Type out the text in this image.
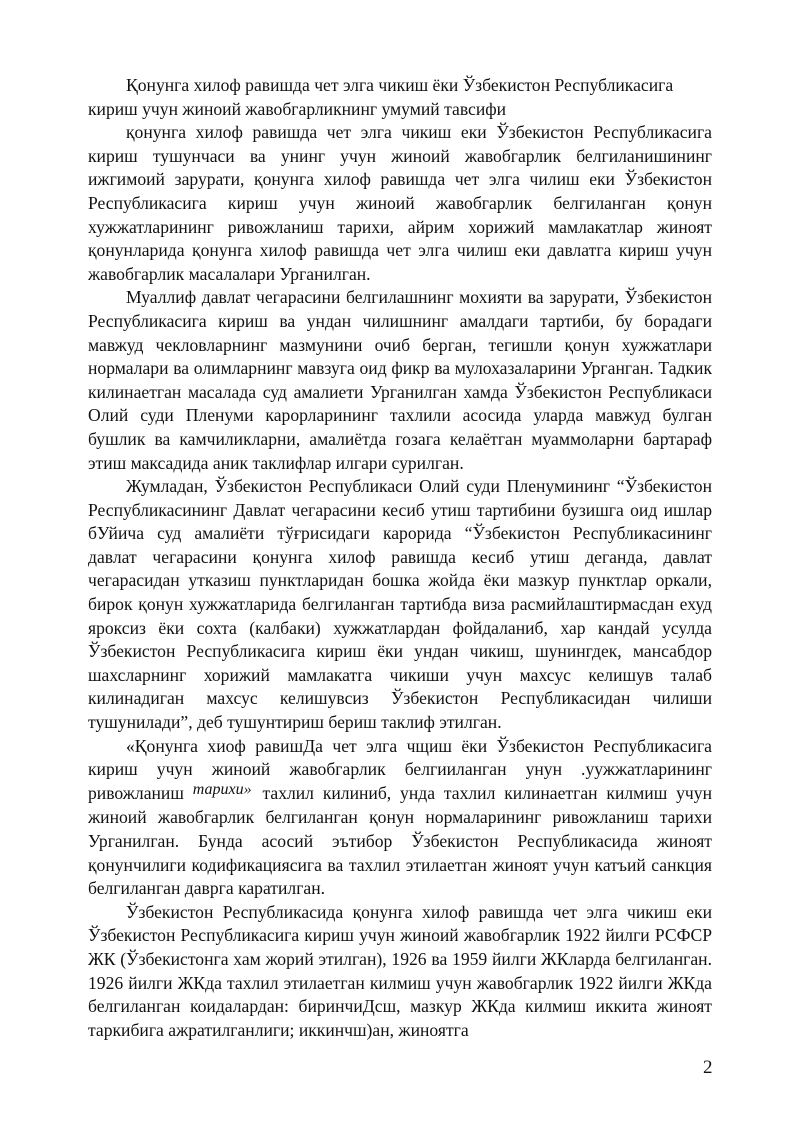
Қонунга хилоф равишда чет элга чикиш ёки Ўзбекистон Республикасига кириш учун жиноий жавобгарликнинг умумий тавсифи

қонунга хилоф равишда чет элга чикиш еки Ўзбекистон Республикасига кириш тушунчаси ва унинг учун жиноий жавобгарлик белгиланишининг ижгимоий зарурати, қонунга хилоф равишда чет элга чилиш еки Ўзбекистон Республикасига кириш учун жиноий жавобгарлик белгиланган қонун хужжатларининг ривожланиш тарихи, айрим хорижий мамлакатлар жиноят қонунларида қонунга хилоф равишда чет элга чилиш еки давлатга кириш учун жавобгарлик масалалари Урганилган.

Муаллиф давлат чегарасини белгилашнинг мохияти ва зарурати, Ўзбекистон Республикасига кириш ва ундан чилишнинг амалдаги тартиби, бу борадаги мавжуд чекловларнинг мазмунини очиб берган, тегишли қонун хужжатлари нормалари ва олимларнинг мавзуга оид фикр ва мулохазаларини Урганган. Тадкик килинаетган масалада суд амалиети Урганилган хамда Ўзбекистон Республикаси Олий суди Пленуми карорларининг тахлили асосида уларда мавжуд булган бушлик ва камчиликларни, амалиётда гозага келаётган муаммоларни бартараф этиш максадида аник таклифлар илгари сурилган.

Жумладан, Ўзбекистон Республикаси Олий суди Пленумининг “Ўзбекистон Республикасининг Давлат чегарасини кесиб утиш тартибини бузишга оид ишлар бУйича суд амалиёти тўғрисидаги карорида “Ўзбекистон Республикасининг давлат чегарасини қонунга хилоф равишда кесиб утиш деганда, давлат чегарасидан утказиш пунктларидан бошка жойда ёки мазкур пунктлар оркали, бирок қонун хужжатларида белгиланган тартибда виза расмийлаштирмасдан ехуд яроксиз ёки сохта (калбаки) хужжатлардан фойдаланиб, хар кандай усулда Ўзбекистон Республикасига кириш ёки ундан чикиш, шунингдек, мансабдор шахсларнинг хорижий мамлакатга чикиши учун махсус келишув талаб килинадиган махсус келишувсиз Ўзбекистон Республикасидан чилиши тушунилади”, деб тушунтириш бериш таклиф этилган.

«Қонунга хиоф равишДа чет элга чщиш ёки Ўзбекистон Республикасига кириш учун жиноий жавобгарлик белгииланган унун .уужжатларининг ривожланиш тарихи» тахлил килиниб, унда тахлил килинаетган килмиш учун жиноий жавобгарлик белгиланган қонун нормаларининг ривожланиш тарихи Урганилган. Бунда асосий эътибор Ўзбекистон Республикасида жиноят қонунчилиги кодификациясига ва тахлил этилаетган жиноят учун катъий санкция белгиланган даврга каратилган.

Ўзбекистон Республикасида қонунга хилоф равишда чет элга чикиш еки Ўзбекистон Республикасига кириш учун жиноий жавобгарлик 1922 йилги РСФСР ЖК (Ўзбекистонга хам жорий этилган), 1926 ва 1959 йилги ЖКларда белгиланган. 1926 йилги ЖКда тахлил этилаетган килмиш учун жавобгарлик 1922 йилги ЖКда белгиланган коидалардан: биринчиДсш, мазкур ЖКда килмиш иккита жиноят таркибига ажратилганлиги; иккинчш)ан, жиноятга

2
